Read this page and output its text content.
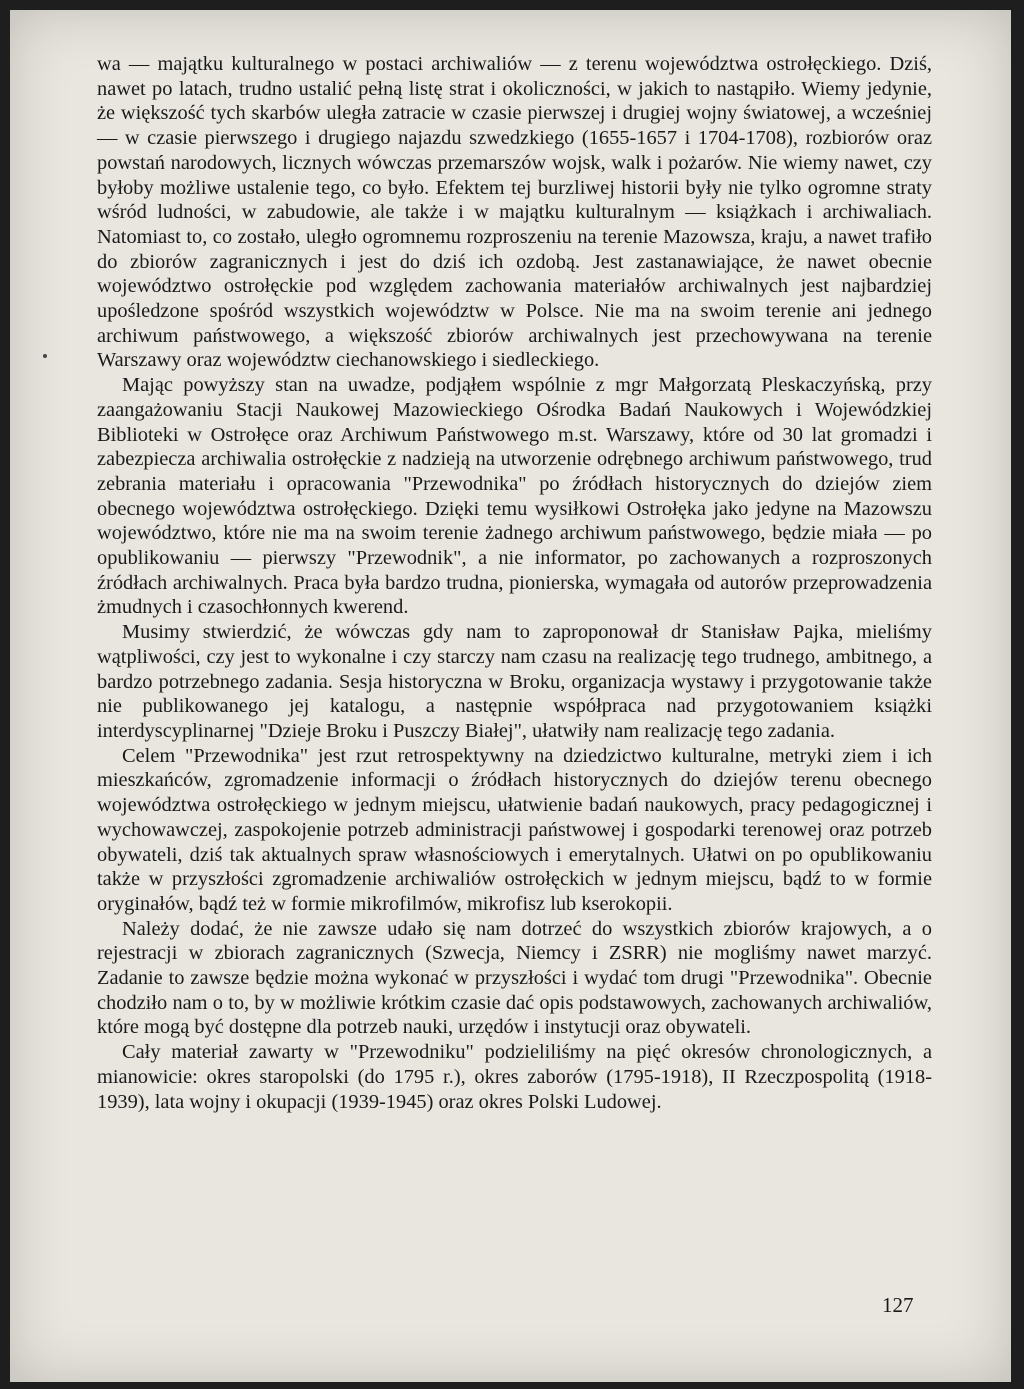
wa — majątku kulturalnego w postaci archiwaliów — z terenu województwa ostrołęckiego. Dziś, nawet po latach, trudno ustalić pełną listę strat i okoliczności, w jakich to nastąpiło. Wiemy jedynie, że większość tych skarbów uległa zatracie w czasie pierwszej i drugiej wojny światowej, a wcześniej — w czasie pierwszego i drugiego najazdu szwedzkiego (1655-1657 i 1704-1708), rozbiorów oraz powstań narodowych, licznych wówczas przemarszów wojsk, walk i pożarów. Nie wiemy nawet, czy byłoby możliwe ustalenie tego, co było. Efektem tej burzliwej historii były nie tylko ogromne straty wśród ludności, w zabudowie, ale także i w majątku kulturalnym — książkach i archiwaliach. Natomiast to, co zostało, uległo ogromnemu rozproszeniu na terenie Mazowsza, kraju, a nawet trafiło do zbiorów zagranicznych i jest do dziś ich ozdobą. Jest zastanawiające, że nawet obecnie województwo ostrołęckie pod względem zachowania materiałów archiwalnych jest najbardziej upośledzone spośród wszystkich województw w Polsce. Nie ma na swoim terenie ani jednego archiwum państwowego, a większość zbiorów archiwalnych jest przechowywana na terenie Warszawy oraz województw ciechanowskiego i siedleckiego.

Mając powyższy stan na uwadze, podjąłem wspólnie z mgr Małgorzatą Pleskaczyńską, przy zaangażowaniu Stacji Naukowej Mazowieckiego Ośrodka Badań Naukowych i Wojewódzkiej Biblioteki w Ostrołęce oraz Archiwum Państwowego m.st. Warszawy, które od 30 lat gromadzi i zabezpiecza archiwalia ostrołęckie z nadzieją na utworzenie odrębnego archiwum państwowego, trud zebrania materiału i opracowania "Przewodnika" po źródłach historycznych do dziejów ziem obecnego województwa ostrołęckiego. Dzięki temu wysiłkowi Ostrołęka jako jedyne na Mazowszu województwo, które nie ma na swoim terenie żadnego archiwum państwowego, będzie miała — po opublikowaniu — pierwszy "Przewodnik", a nie informator, po zachowanych a rozproszonych źródłach archiwalnych. Praca była bardzo trudna, pionierska, wymagała od autorów przeprowadzenia żmudnych i czasochłonnych kwerend.

Musimy stwierdzić, że wówczas gdy nam to zaproponował dr Stanisław Pajka, mieliśmy wątpliwości, czy jest to wykonalne i czy starczy nam czasu na realizację tego trudnego, ambitnego, a bardzo potrzebnego zadania. Sesja historyczna w Broku, organizacja wystawy i przygotowanie także nie publikowanego jej katalogu, a następnie współpraca nad przygotowaniem książki interdyscyplinarnej "Dzieje Broku i Puszczy Białej", ułatwiły nam realizację tego zadania.

Celem "Przewodnika" jest rzut retrospektywny na dziedzictwo kulturalne, metryki ziem i ich mieszkańców, zgromadzenie informacji o źródłach historycznych do dziejów terenu obecnego województwa ostrołęckiego w jednym miejscu, ułatwienie badań naukowych, pracy pedagogicznej i wychowawczej, zaspokojenie potrzeb administracji państwowej i gospodarki terenowej oraz potrzeb obywateli, dziś tak aktualnych spraw własnościowych i emerytalnych. Ułatwi on po opublikowaniu także w przyszłości zgromadzenie archiwaliów ostrołęckich w jednym miejscu, bądź to w formie oryginałów, bądź też w formie mikrofilmów, mikrofisz lub kserokopii.

Należy dodać, że nie zawsze udało się nam dotrzeć do wszystkich zbiorów krajowych, a o rejestracji w zbiorach zagranicznych (Szwecja, Niemcy i ZSRR) nie mogliśmy nawet marzyć. Zadanie to zawsze będzie można wykonać w przyszłości i wydać tom drugi "Przewodnika". Obecnie chodziło nam o to, by w możliwie krótkim czasie dać opis podstawowych, zachowanych archiwaliów, które mogą być dostępne dla potrzeb nauki, urzędów i instytucji oraz obywateli.

Cały materiał zawarty w "Przewodniku" podzieliliśmy na pięć okresów chronologicznych, a mianowicie: okres staropolski (do 1795 r.), okres zaborów (1795-1918), II Rzeczpospolitą (1918-1939), lata wojny i okupacji (1939-1945) oraz okres Polski Ludowej.

127
